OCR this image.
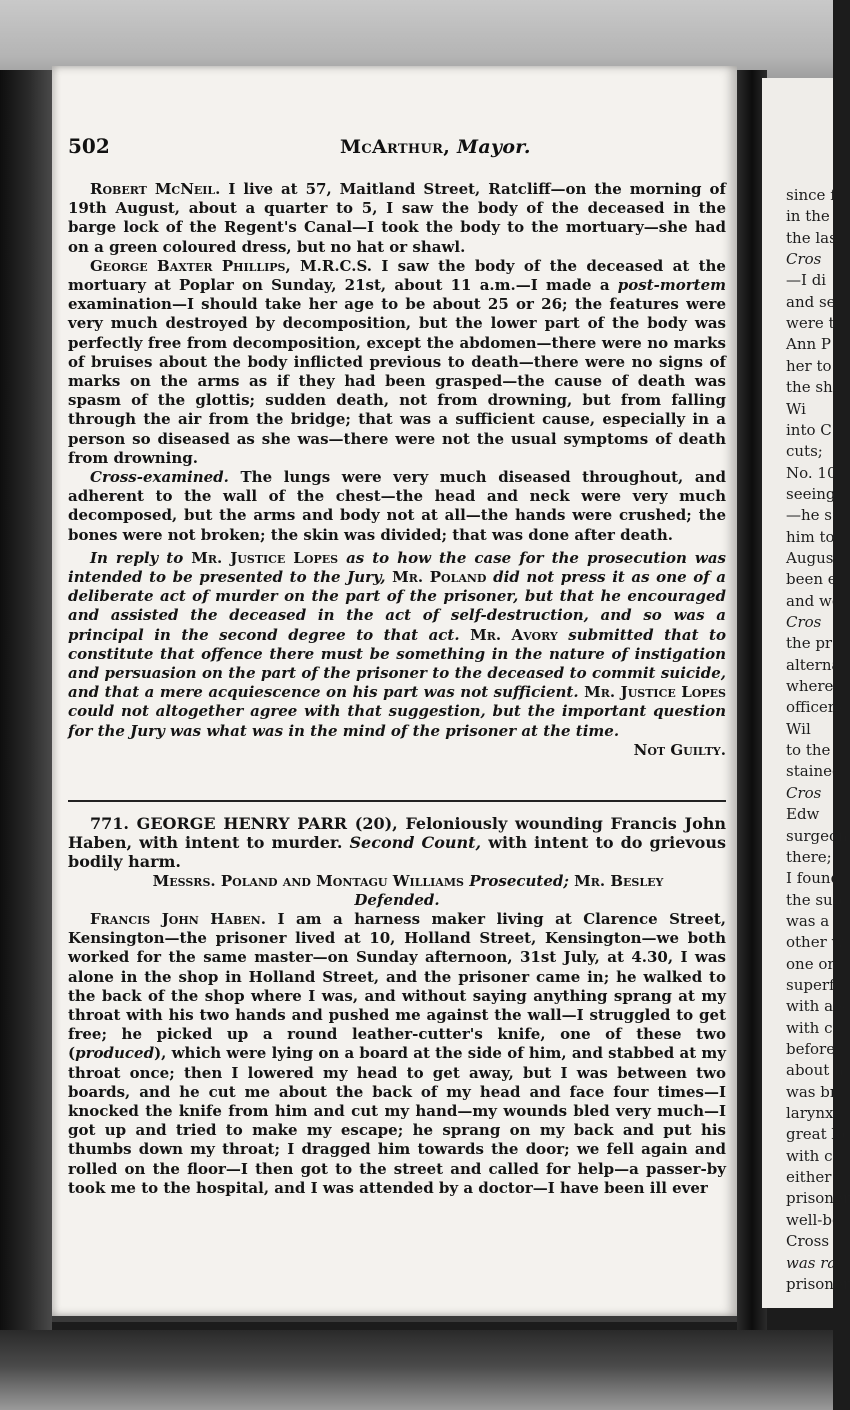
since f
in the
the las
Cros
—I di
and se
were t
Ann P
her to
the sh
Wi
into C
cuts;
No. 10
seeing
—he s
him to
Augus
been e
and wo
Cros
the pr
alterna
where
officers
Wil
to the
stained
Cros
Edw
surgeon
there;
I found
the sub
was a v
other w
one on
superfi
with a s
with co
before
about h
was br
larynx
great lo
with co
either c
prisoner
well-be
Cross
was rat
prisoner
502	McArthur, Mayor.

Robert McNeil. I live at 57, Maitland Street, Ratcliff—on the morning of 19th August, about a quarter to 5, I saw the body of the deceased in the barge lock of the Regent's Canal—I took the body to the mortuary—she had on a green coloured dress, but no hat or shawl.

George Baxter Phillips, M.R.C.S. I saw the body of the deceased at the mortuary at Poplar on Sunday, 21st, about 11 a.m.—I made a post-mortem examination—I should take her age to be about 25 or 26; the features were very much destroyed by decomposition, but the lower part of the body was perfectly free from decomposition, except the abdomen—there were no marks of bruises about the body inflicted previous to death—there were no signs of marks on the arms as if they had been grasped—the cause of death was spasm of the glottis; sudden death, not from drowning, but from falling through the air from the bridge; that was a sufficient cause, especially in a person so diseased as she was—there were not the usual symptoms of death from drowning.

Cross-examined. The lungs were very much diseased throughout, and adherent to the wall of the chest—the head and neck were very much decomposed, but the arms and body not at all—the hands were crushed; the bones were not broken; the skin was divided; that was done after death.

In reply to Mr. Justice Lopes as to how the case for the prosecution was intended to be presented to the Jury, Mr. Poland did not press it as one of a deliberate act of murder on the part of the prisoner, but that he encouraged and assisted the deceased in the act of self-destruction, and so was a principal in the second degree to that act. Mr. Avory submitted that to constitute that offence there must be something in the nature of instigation and persuasion on the part of the prisoner to the deceased to commit suicide, and that a mere acquiescence on his part was not sufficient. Mr. Justice Lopes could not altogether agree with that suggestion, but the important question for the Jury was what was in the mind of the prisoner at the time.
Not Guilty.

771. GEORGE HENRY PARR (20), Feloniously wounding Francis John Haben, with intent to murder. Second Count, with intent to do grievous bodily harm.

Messrs. Poland and Montagu Williams Prosecuted; Mr. Besley
Defended.

Francis John Haben. I am a harness maker living at Clarence Street, Kensington—the prisoner lived at 10, Holland Street, Kensington—we both worked for the same master—on Sunday afternoon, 31st July, at 4.30, I was alone in the shop in Holland Street, and the prisoner came in; he walked to the back of the shop where I was, and without saying anything sprang at my throat with his two hands and pushed me against the wall—I struggled to get free; he picked up a round leather-cutter's knife, one of these two (produced), which were lying on a board at the side of him, and stabbed at my throat once; then I lowered my head to get away, but I was between two boards, and he cut me about the back of my head and face four times—I knocked the knife from him and cut my hand—my wounds bled very much—I got up and tried to make my escape; he sprang on my back and put his thumbs down my throat; I dragged him towards the door; we fell again and rolled on the floor—I then got to the street and called for help—a passer-by took me to the hospital, and I was attended by a doctor—I have been ill ever
